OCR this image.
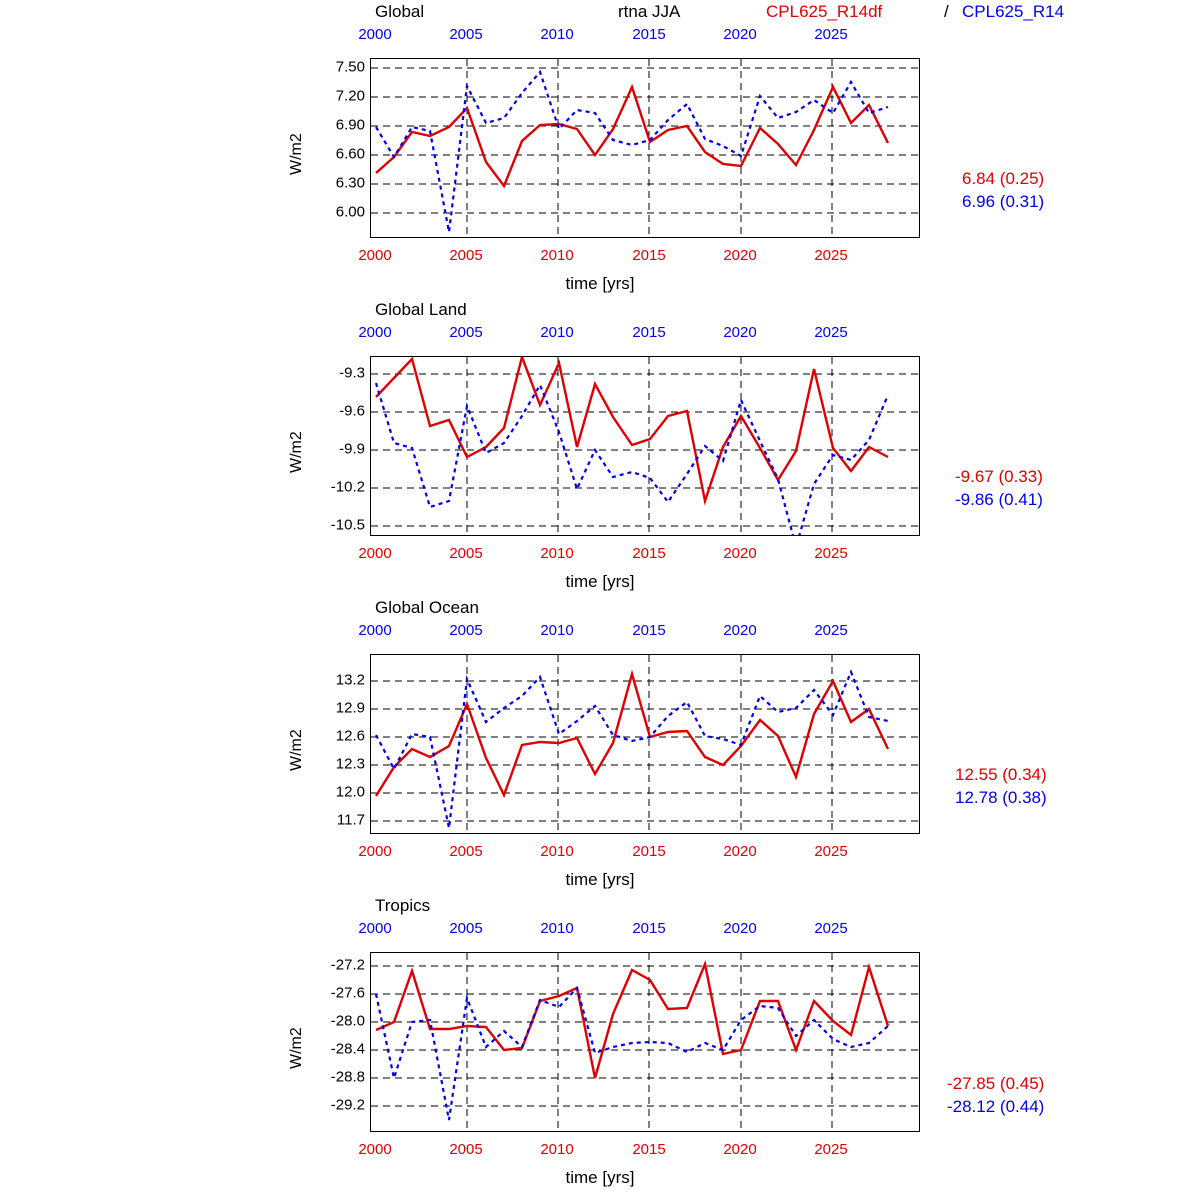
rtna JJA	CPL625_R14df	/ CPL625_R14
Global
2000	2005	2010	2015	2020	2025
W/m2
7.50
7.20
6.90
6.60
6.30
6.00
2000	2005	2010	2015	2020	2025
time [yrs]
6.84 (0.25)
6.96 (0.31)
Global Land
2000	2005	2010	2015	2020	2025
W/m2
-9.3
-9.6
-9.9
-10.2
-10.5
2000	2005	2010	2015	2020	2025
time [yrs]
-9.67 (0.33)
-9.86 (0.41)
Global Ocean
2000	2005	2010	2015	2020	2025
W/m2
13.2
12.9
12.6
12.3
12.0
11.7
2000	2005	2010	2015	2020	2025
time [yrs]
12.55 (0.34)
12.78 (0.38)
Tropics
2000	2005	2010	2015	2020	2025
W/m2
-27.2
-27.6
-28.0
-28.4
-28.8
-29.2
2000	2005	2010	2015	2020	2025
time [yrs]
-27.85 (0.45)
-28.12 (0.44)
